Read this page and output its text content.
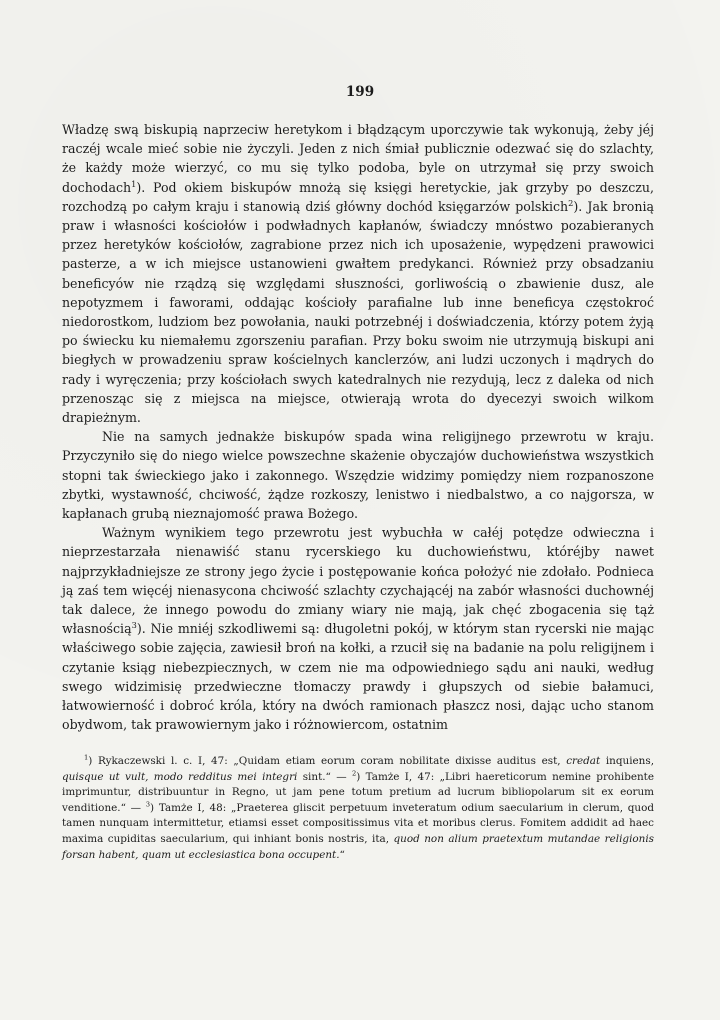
199

Władzę swą biskupią naprzeciw heretykom i błądzącym uporczywie tak wykonują, żeby jéj raczéj wcale mieć sobie nie życzyli. Jeden z nich śmiał publicznie odezwać się do szlachty, że każdy może wierzyć, co mu się tylko podoba, byle on utrzymał się przy swoich dochodach$^1$). Pod okiem biskupów mnożą się księgi heretyckie, jak grzyby po deszczu, rozchodzą po całym kraju i stanowią dziś główny dochód księgarzów polskich$^2$). Jak bronią praw i własności kościołów i podwładnych kapłanów, świadczy mnóstwo pozabieranych przez heretyków kościołów, zagrabione przez nich ich uposażenie, wypędzeni prawowici pasterze, a w ich miejsce ustanowieni gwałtem predykanci. Również przy obsadzaniu beneficyów nie rządzą się względami słuszności, gorliwością o zbawienie dusz, ale nepotyzmem i faworami, oddając kościoły parafialne lub inne beneficya częstokroć niedorostkom, ludziom bez powołania, nauki potrzebnéj i doświadczenia, którzy potem żyją po świecku ku niemałemu zgorszeniu parafian. Przy boku swoim nie utrzymują biskupi ani biegłych w prowadzeniu spraw kościelnych kanclerzów, ani ludzi uczonych i mądrych do rady i wyręczenia; przy kościołach swych katedralnych nie rezydują, lecz z daleka od nich przenosząc się z miejsca na miejsce, otwierają wrota do dyecezyi swoich wilkom drapieżnym.

Nie na samych jednakże biskupów spada wina religijnego przewrotu w kraju. Przyczyniło się do niego wielce powszechne skażenie obyczajów duchowieństwa wszystkich stopni tak świeckiego jako i zakonnego. Wszędzie widzimy pomiędzy niem rozpanoszone zbytki, wystawność, chciwość, żądze rozkoszy, lenistwo i niedbalstwo, a co najgorsza, w kapłanach grubą nieznajomość prawa Bożego.

Ważnym wynikiem tego przewrotu jest wybuchła w całéj potędze odwieczna i nieprzestarzała nienawiść stanu rycerskiego ku duchowieństwu, któréjby nawet najprzykładniejsze ze strony jego życie i postępowanie końca położyć nie zdołało. Podnieca ją zaś tem więcéj nienasycona chciwość szlachty czychającéj na zabór własności duchownéj tak dalece, że innego powodu do zmiany wiary nie mają, jak chęć zbogacenia się tąż własnością$^3$). Nie mniéj szkodliwemi są: długoletni pokój, w którym stan rycerski nie mając właściwego sobie zajęcia, zawiesił broń na kołki, a rzucił się na badanie na polu religijnem i czytanie ksiąg niebezpiecznych, w czem nie ma odpowiedniego sądu ani nauki, według swego widzimisię przedwieczne tłomaczy prawdy i głupszych od siebie bałamuci, łatwowierność i dobroć króla, który na dwóch ramionach płaszcz nosi, dając ucho stanom obydwom, tak prawowiernym jako i różnowiercom, ostatnim

$^1$) Rykaczewski l. c. I, 47: „Quidam etiam eorum coram nobilitate dixisse auditus est, credat inquiens, quisque ut vult, modo redditus mei integri sint.“ — $^2$) Tamże I, 47: „Libri haereticorum nemine prohibente imprimuntur, distribuuntur in Regno, ut jam pene totum pretium ad lucrum bibliopolarum sit ex eorum venditione.“ — $^3$) Tamże I, 48: „Praeterea gliscit perpetuum inveteratum odium saecularium in clerum, quod tamen nunquam intermittetur, etiamsi esset compositissimus vita et moribus clerus. Fomitem addidit ad haec maxima cupiditas saecularium, qui inhiant bonis nostris, ita, quod non alium praetextum mutandae religionis forsan habent, quam ut ecclesiastica bona occupent.“
